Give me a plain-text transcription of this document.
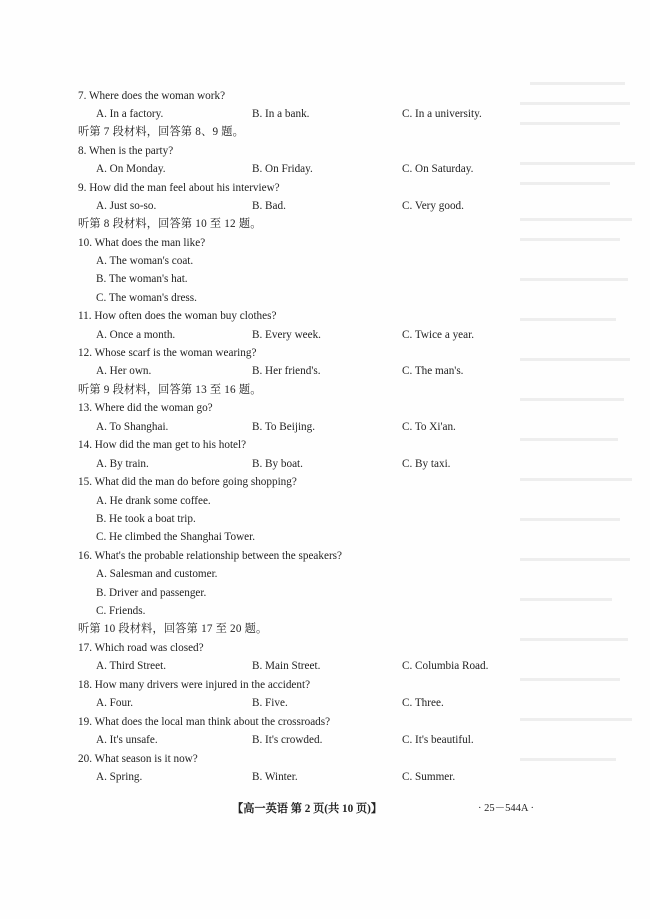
7. Where does the woman work?
A. In a factory.	B. In a bank.	C. In a university.
听第 7 段材料，回答第 8、9 题。
8. When is the party?
A. On Monday.	B. On Friday.	C. On Saturday.
9. How did the man feel about his interview?
A. Just so-so.	B. Bad.	C. Very good.
听第 8 段材料，回答第 10 至 12 题。
10. What does the man like?
A. The woman's coat.
B. The woman's hat.
C. The woman's dress.
11. How often does the woman buy clothes?
A. Once a month.	B. Every week.	C. Twice a year.
12. Whose scarf is the woman wearing?
A. Her own.	B. Her friend's.	C. The man's.
听第 9 段材料，回答第 13 至 16 题。
13. Where did the woman go?
A. To Shanghai.	B. To Beijing.	C. To Xi'an.
14. How did the man get to his hotel?
A. By train.	B. By boat.	C. By taxi.
15. What did the man do before going shopping?
A. He drank some coffee.
B. He took a boat trip.
C. He climbed the Shanghai Tower.
16. What's the probable relationship between the speakers?
A. Salesman and customer.
B. Driver and passenger.
C. Friends.
听第 10 段材料，回答第 17 至 20 题。
17. Which road was closed?
A. Third Street.	B. Main Street.	C. Columbia Road.
18. How many drivers were injured in the accident?
A. Four.	B. Five.	C. Three.
19. What does the local man think about the crossroads?
A. It's unsafe.	B. It's crowded.	C. It's beautiful.
20. What season is it now?
A. Spring.	B. Winter.	C. Summer.
【高一英语 第 2 页(共 10 页)】	· 25－544A ·
